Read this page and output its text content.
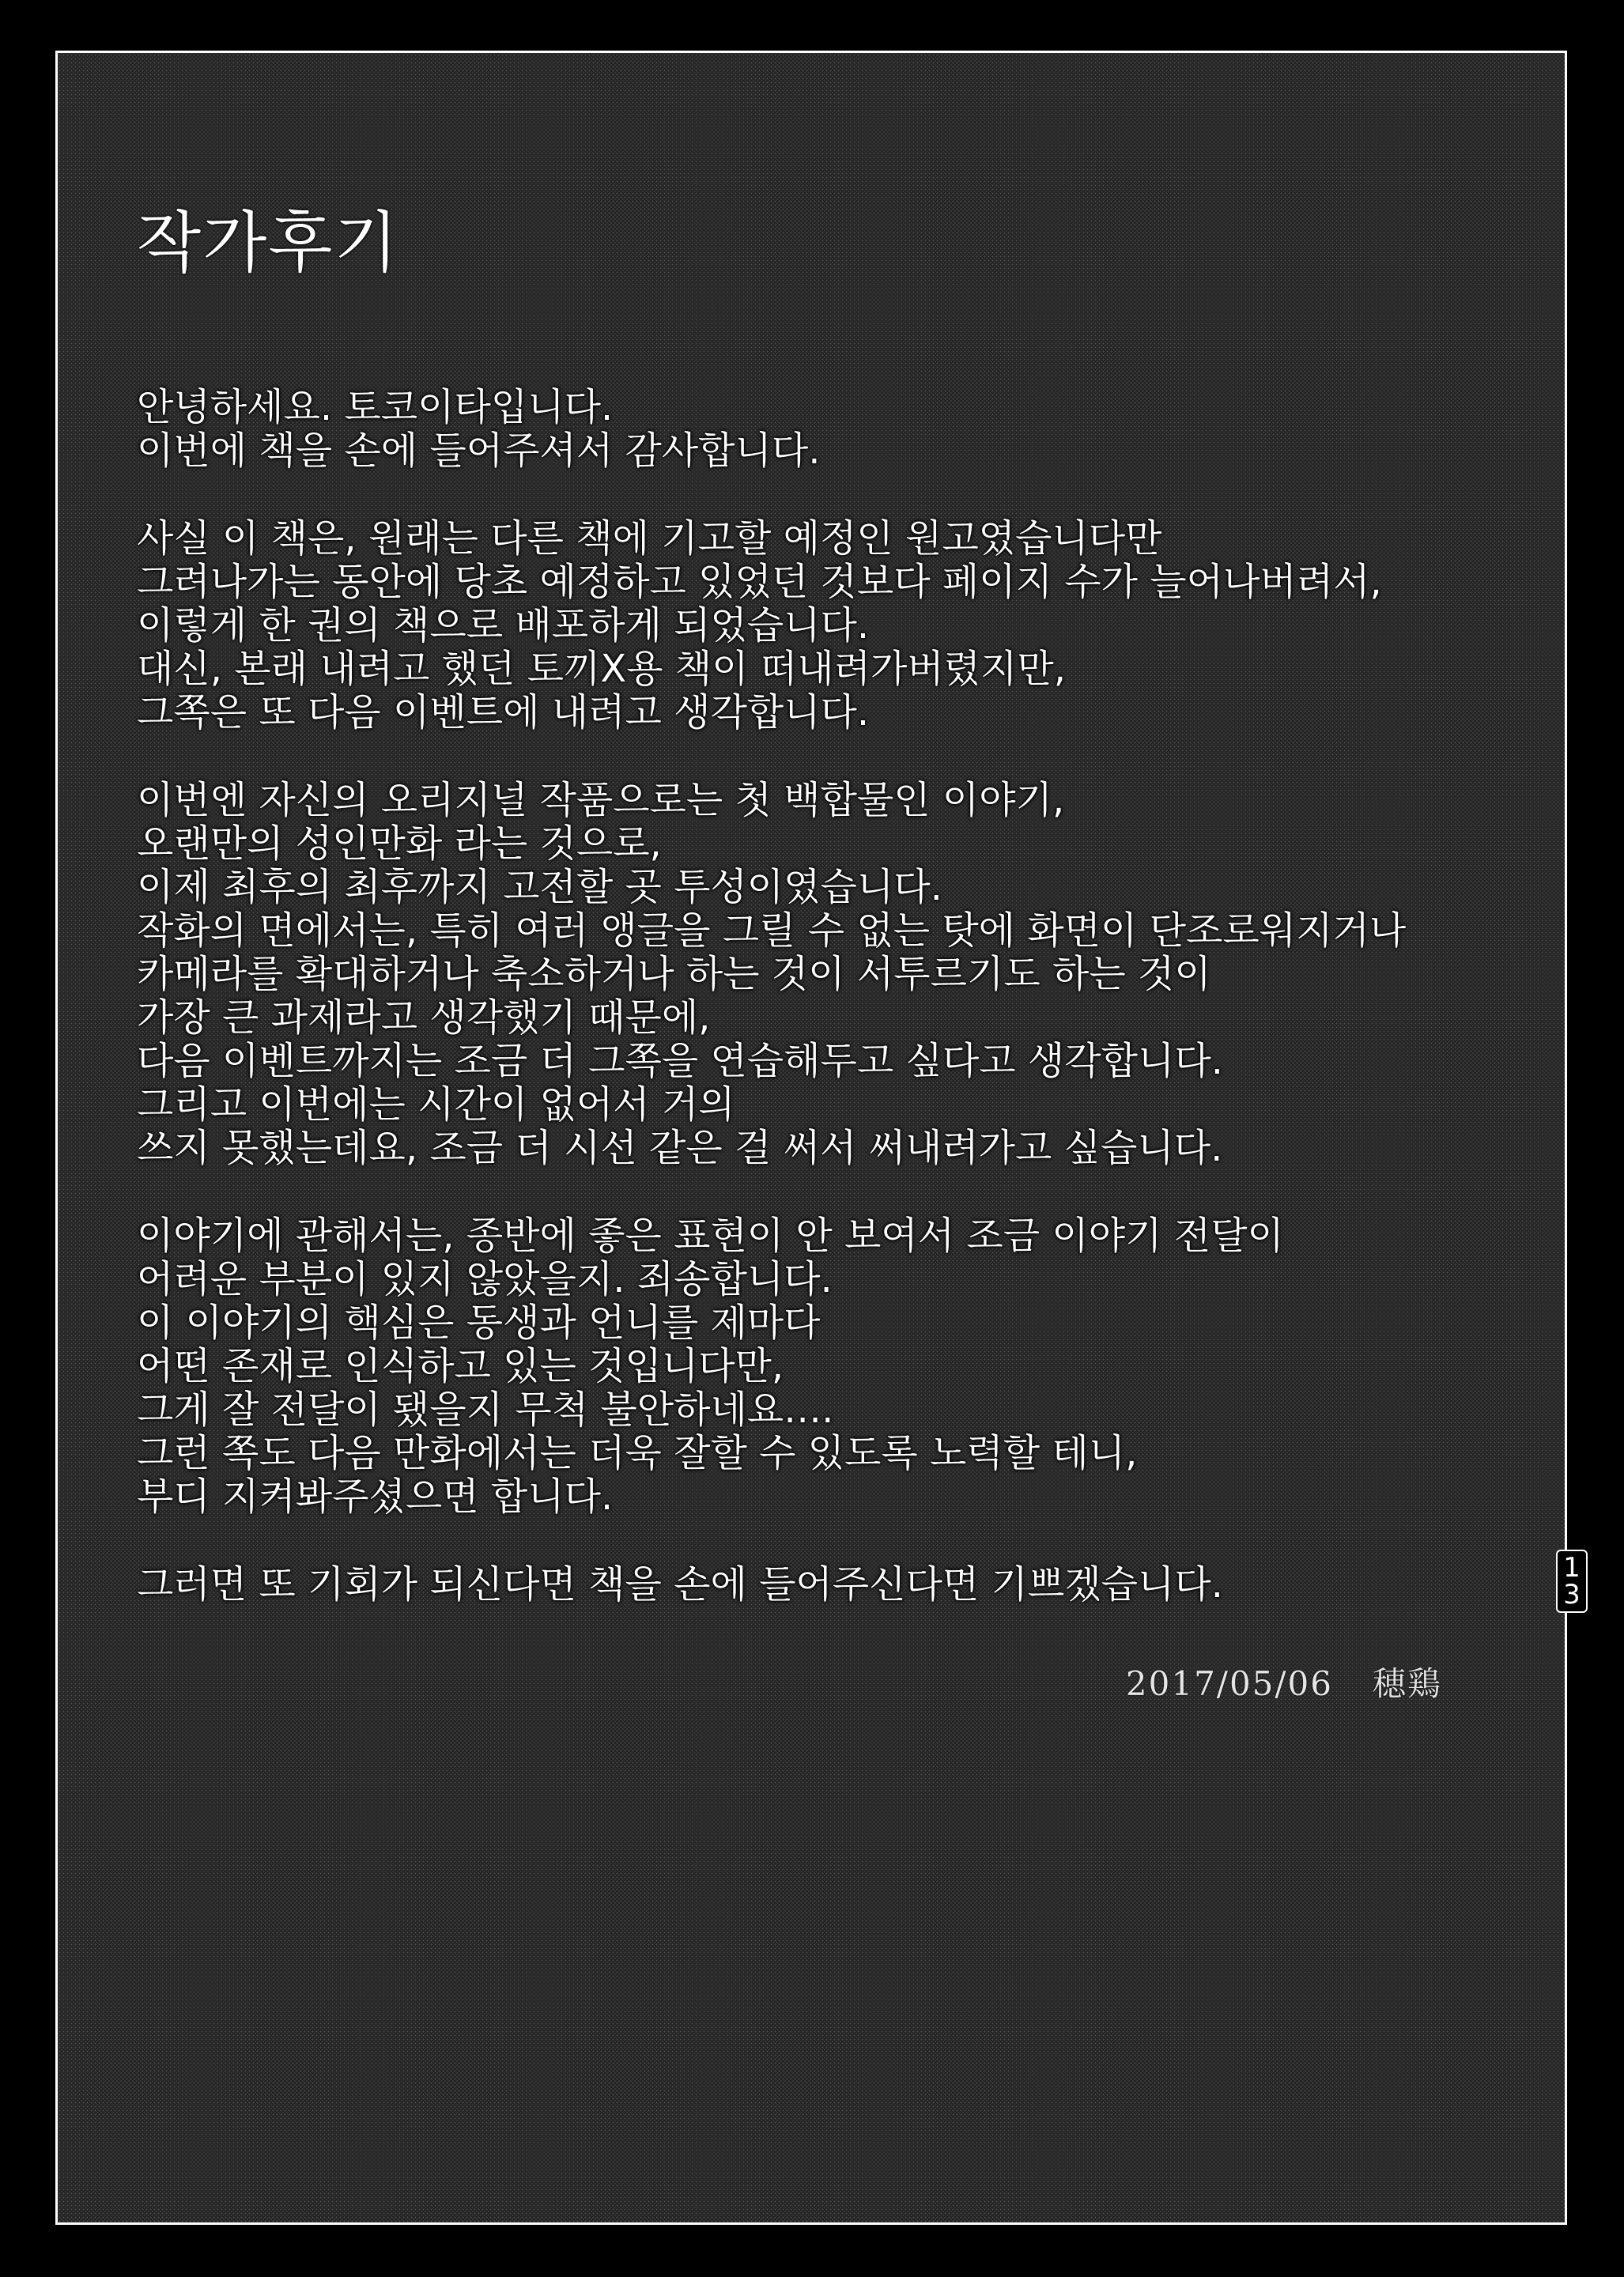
작가후기
안녕하세요. 토코이타입니다.
이번에 책을 손에 들어주셔서 감사합니다.
사실 이 책은, 원래는 다른 책에 기고할 예정인 원고였습니다만
그려나가는 동안에 당초 예정하고 있었던 것보다 페이지 수가 늘어나버려서,
이렇게 한 권의 책으로 배포하게 되었습니다.
대신, 본래 내려고 했던 토끼X용 책이 떠내려가버렸지만,
그쪽은 또 다음 이벤트에 내려고 생각합니다.
이번엔 자신의 오리지널 작품으로는 첫 백합물인 이야기,
오랜만의 성인만화 라는 것으로,
이제 최후의 최후까지 고전할 곳 투성이였습니다.
작화의 면에서는, 특히 여러 앵글을 그릴 수 없는 탓에 화면이 단조로워지거나
카메라를 확대하거나 축소하거나 하는 것이 서투르기도 하는 것이
가장 큰 과제라고 생각했기 때문에,
다음 이벤트까지는 조금 더 그쪽을 연습해두고 싶다고 생각합니다.
그리고 이번에는 시간이 없어서 거의
쓰지 못했는데요, 조금 더 시선 같은 걸 써서 써내려가고 싶습니다.
이야기에 관해서는, 종반에 좋은 표현이 안 보여서 조금 이야기 전달이
어려운 부분이 있지 않았을지. 죄송합니다.
이 이야기의 핵심은 동생과 언니를 제마다
어떤 존재로 인식하고 있는 것입니다만,
그게 잘 전달이 됐을지 무척 불안하네요….
그런 쪽도 다음 만화에서는 더욱 잘할 수 있도록 노력할 테니,
부디 지켜봐주셨으면 합니다.
그러면 또 기회가 되신다면 책을 손에 들어주신다면 기쁘겠습니다.
2017/05/06 穂鶏
1
3
